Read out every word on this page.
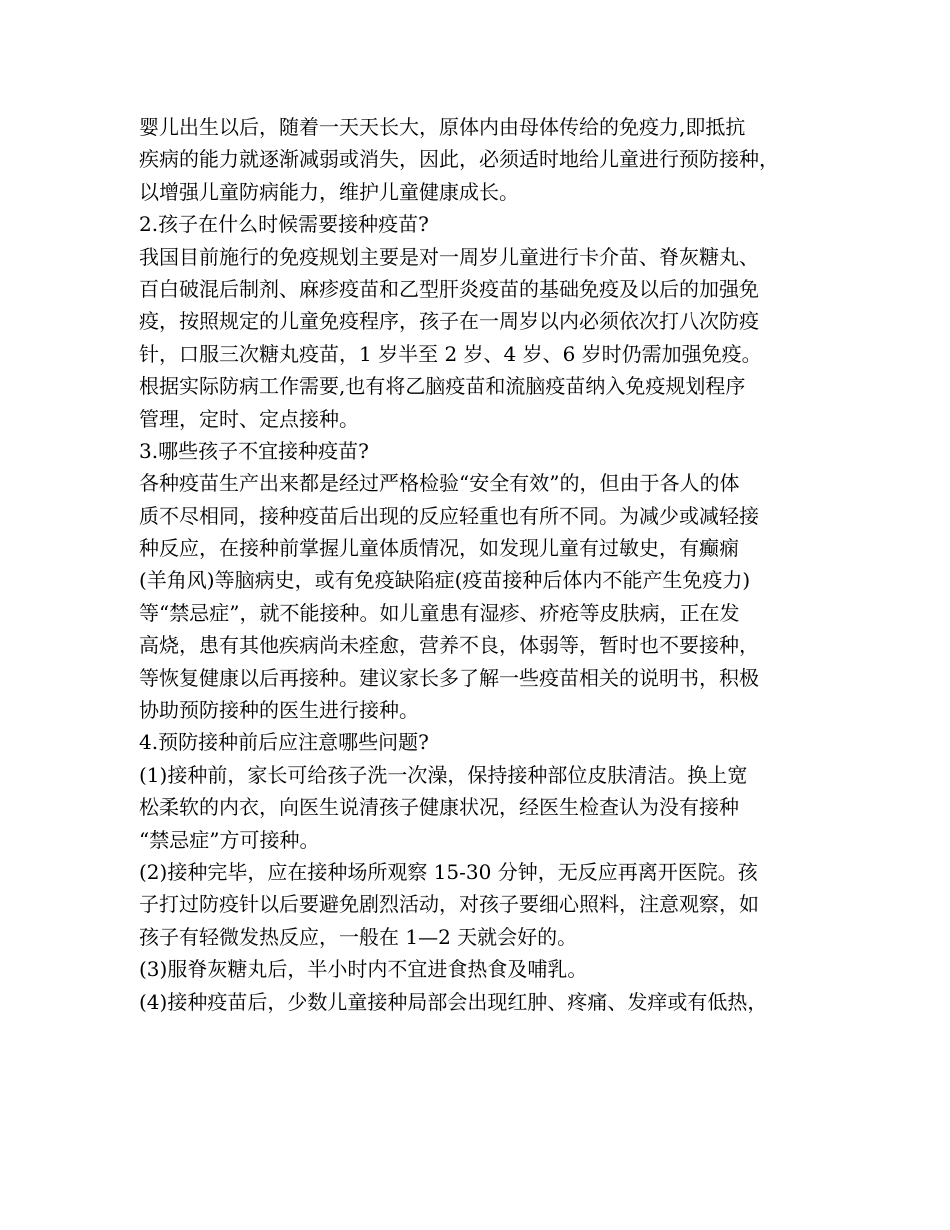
婴儿出生以后，随着一天天长大，原体内由母体传给的免疫力,即抵抗
疾病的能力就逐渐减弱或消失，因此，必须适时地给儿童进行预防接种，
以增强儿童防病能力，维护儿童健康成长。
2.孩子在什么时候需要接种疫苗?
我国目前施行的免疫规划主要是对一周岁儿童进行卡介苗、脊灰糖丸、
百白破混后制剂、麻疹疫苗和乙型肝炎疫苗的基础免疫及以后的加强免
疫，按照规定的儿童免疫程序，孩子在一周岁以内必须依次打八次防疫
针，口服三次糖丸疫苗，1 岁半至 2 岁、4 岁、6 岁时仍需加强免疫。
根据实际防病工作需要,也有将乙脑疫苗和流脑疫苗纳入免疫规划程序
管理，定时、定点接种。
3.哪些孩子不宜接种疫苗?
各种疫苗生产出来都是经过严格检验“安全有效”的，但由于各人的体
质不尽相同，接种疫苗后出现的反应轻重也有所不同。为减少或减轻接
种反应，在接种前掌握儿童体质情况，如发现儿童有过敏史，有癫痫
(羊角风)等脑病史，或有免疫缺陷症(疫苗接种后体内不能产生免疫力)
等“禁忌症”，就不能接种。如儿童患有湿疹、疥疮等皮肤病，正在发
高烧，患有其他疾病尚未痊愈，营养不良，体弱等，暂时也不要接种，
等恢复健康以后再接种。建议家长多了解一些疫苗相关的说明书，积极
协助预防接种的医生进行接种。
4.预防接种前后应注意哪些问题?
(1)接种前，家长可给孩子洗一次澡，保持接种部位皮肤清洁。换上宽
松柔软的内衣，向医生说清孩子健康状况，经医生检查认为没有接种
“禁忌症”方可接种。
(2)接种完毕，应在接种场所观察 15-30 分钟，无反应再离开医院。孩
子打过防疫针以后要避免剧烈活动，对孩子要细心照料，注意观察，如
孩子有轻微发热反应，一般在 1—2 天就会好的。
(3)服脊灰糖丸后，半小时内不宜进食热食及哺乳。
(4)接种疫苗后，少数儿童接种局部会出现红肿、疼痛、发痒或有低热，
